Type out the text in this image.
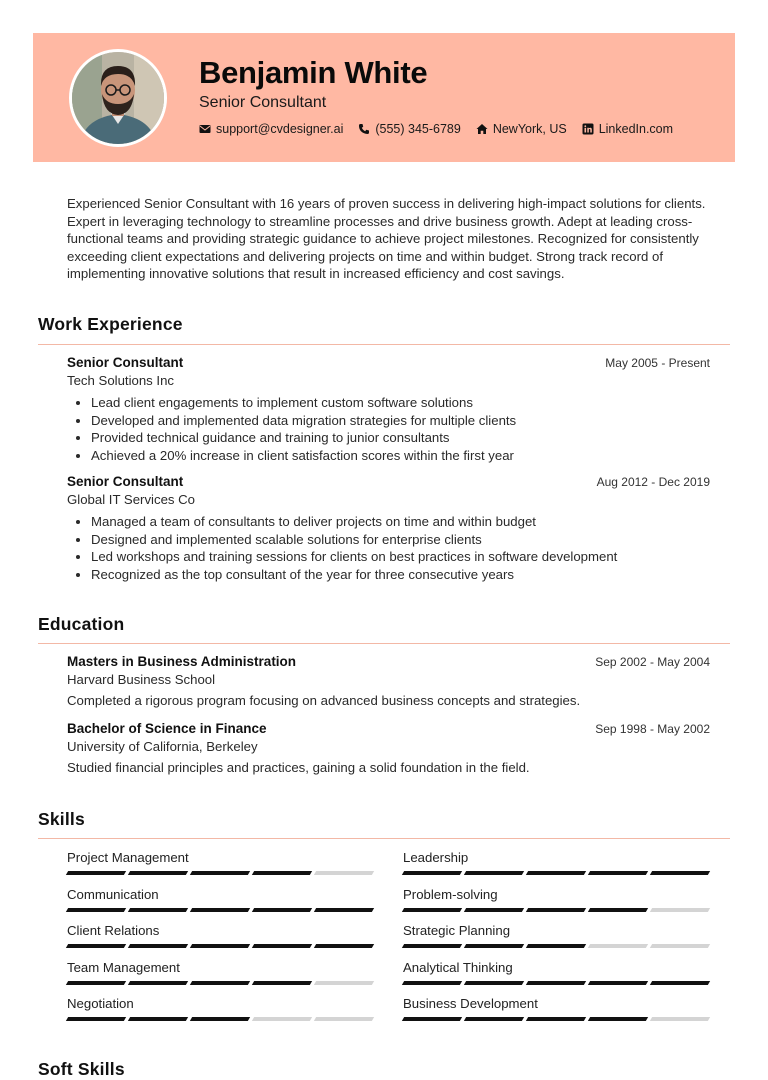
Benjamin White
Senior Consultant
support@cvdesigner.ai	(555) 345-6789	NewYork, US	LinkedIn.com
Experienced Senior Consultant with 16 years of proven success in delivering high-impact solutions for clients. Expert in leveraging technology to streamline processes and drive business growth. Adept at leading cross-functional teams and providing strategic guidance to achieve project milestones. Recognized for consistently exceeding client expectations and delivering projects on time and within budget. Strong track record of implementing innovative solutions that result in increased efficiency and cost savings.
Work Experience
Senior Consultant	May 2005 - Present
Tech Solutions Inc
• Lead client engagements to implement custom software solutions
• Developed and implemented data migration strategies for multiple clients
• Provided technical guidance and training to junior consultants
• Achieved a 20% increase in client satisfaction scores within the first year
Senior Consultant	Aug 2012 - Dec 2019
Global IT Services Co
• Managed a team of consultants to deliver projects on time and within budget
• Designed and implemented scalable solutions for enterprise clients
• Led workshops and training sessions for clients on best practices in software development
• Recognized as the top consultant of the year for three consecutive years
Education
Masters in Business Administration	Sep 2002 - May 2004
Harvard Business School
Completed a rigorous program focusing on advanced business concepts and strategies.
Bachelor of Science in Finance	Sep 1998 - May 2002
University of California, Berkeley
Studied financial principles and practices, gaining a solid foundation in the field.
Skills
Project Management	Leadership
Communication	Problem-solving
Client Relations	Strategic Planning
Team Management	Analytical Thinking
Negotiation	Business Development
Soft Skills
